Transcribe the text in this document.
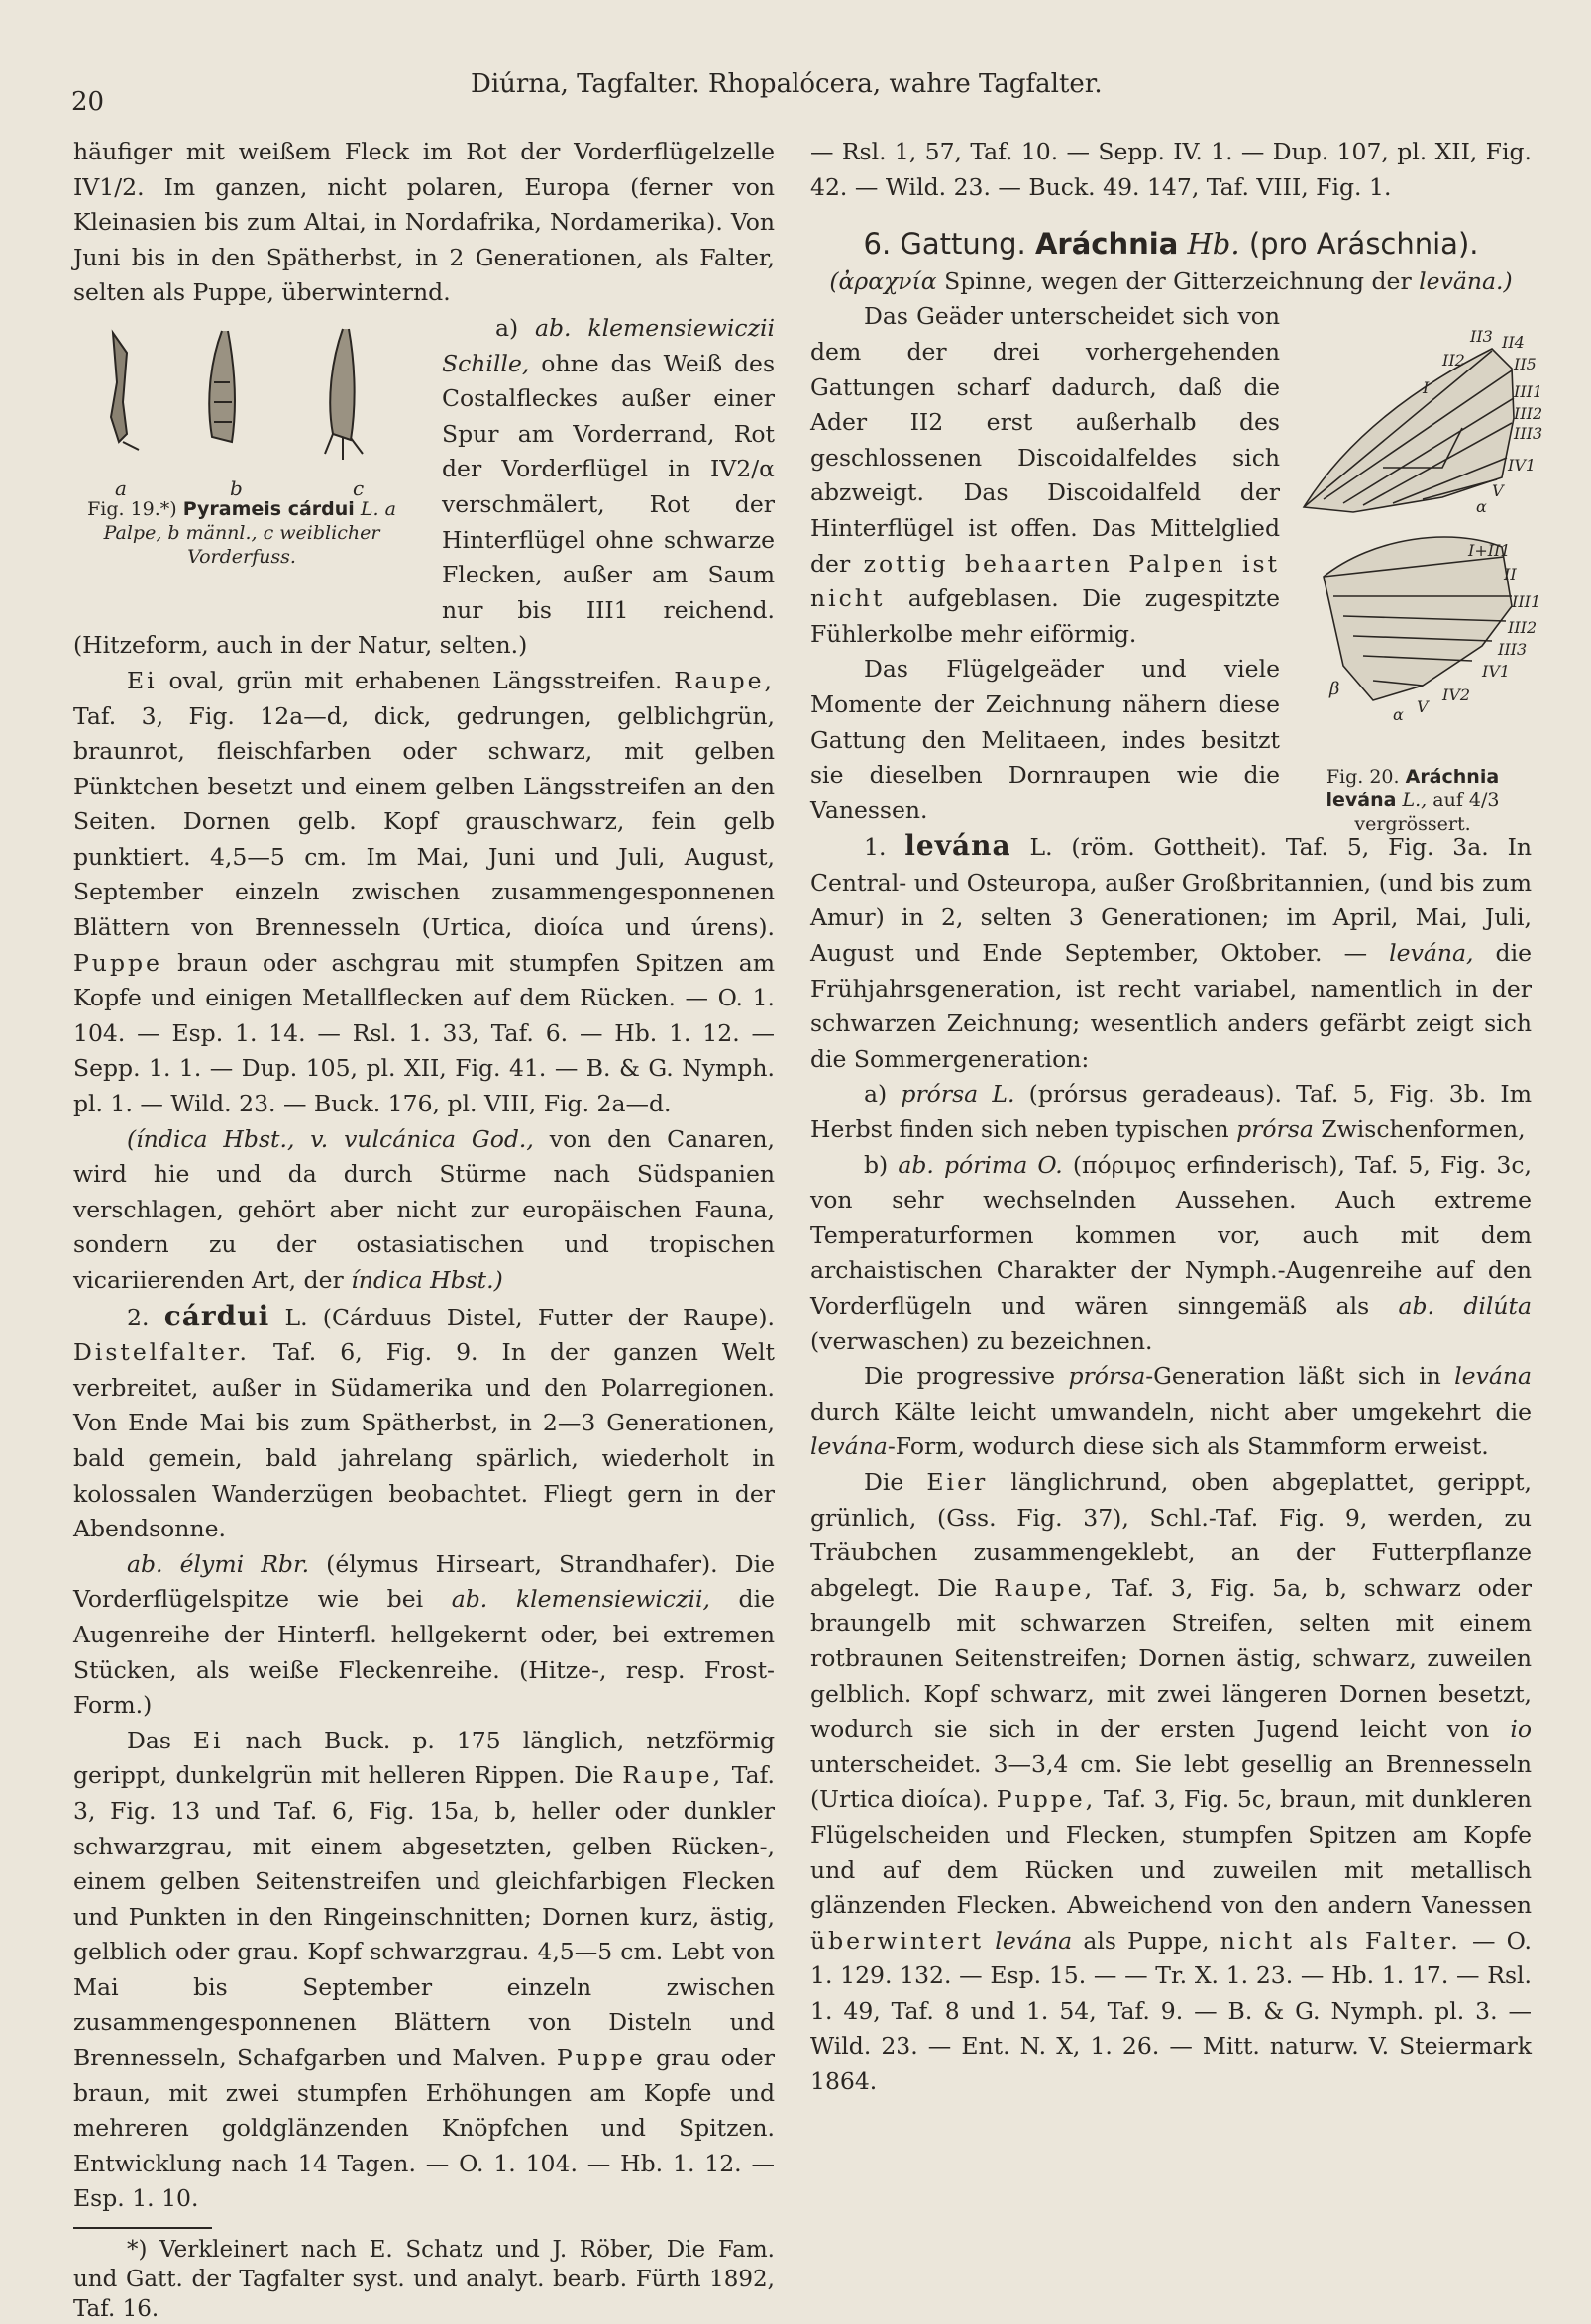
20
Diúrna, Tagfalter. Rhopalócera, wahre Tagfalter.

häufiger mit weißem Fleck im Rot der Vorderflügelzelle IV1/2. Im ganzen, nicht polaren, Europa (ferner von Kleinasien bis zum Altai, in Nordafrika, Nordamerika). Von Juni bis in den Spätherbst, in 2 Generationen, als Falter, selten als Puppe, überwinternd.

a	b	c
Fig. 19.*) Pyrameis cárdui L. a Palpe, b männl., c weiblicher Vorderfuss.

a) ab. klemensiewiczii Schille, ohne das Weiß des Costalfleckes außer einer Spur am Vorderrand, Rot der Vorderflügel in IV2/α verschmälert, Rot der Hinterflügel ohne schwarze Flecken, außer am Saum nur bis III1 reichend. (Hitzeform, auch in der Natur, selten.)

Ei oval, grün mit erhabenen Längsstreifen. Raupe, Taf. 3, Fig. 12a—d, dick, gedrungen, gelblichgrün, braunrot, fleischfarben oder schwarz, mit gelben Pünktchen besetzt und einem gelben Längsstreifen an den Seiten. Dornen gelb. Kopf grauschwarz, fein gelb punktiert. 4,5—5 cm. Im Mai, Juni und Juli, August, September einzeln zwischen zusammengesponnenen Blättern von Brennesseln (Urtica, dioíca und úrens). Puppe braun oder aschgrau mit stumpfen Spitzen am Kopfe und einigen Metallflecken auf dem Rücken. — O. 1. 104. — Esp. 1. 14. — Rsl. 1. 33, Taf. 6. — Hb. 1. 12. — Sepp. 1. 1. — Dup. 105, pl. XII, Fig. 41. — B. & G. Nymph. pl. 1. — Wild. 23. — Buck. 176, pl. VIII, Fig. 2a—d.

(índica Hbst., v. vulcánica God., von den Canaren, wird hie und da durch Stürme nach Südspanien verschlagen, gehört aber nicht zur europäischen Fauna, sondern zu der ostasiatischen und tropischen vicariierenden Art, der índica Hbst.)

2. cárdui L. (Cárduus Distel, Futter der Raupe). Distelfalter. Taf. 6, Fig. 9. In der ganzen Welt verbreitet, außer in Südamerika und den Polarregionen. Von Ende Mai bis zum Spätherbst, in 2—3 Generationen, bald gemein, bald jahrelang spärlich, wiederholt in kolossalen Wanderzügen beobachtet. Fliegt gern in der Abendsonne.

ab. élymi Rbr. (élymus Hirseart, Strandhafer). Die Vorderflügelspitze wie bei ab. klemensiewiczii, die Augenreihe der Hinterfl. hellgekernt oder, bei extremen Stücken, als weiße Fleckenreihe. (Hitze-, resp. Frost-Form.)

Das Ei nach Buck. p. 175 länglich, netzförmig gerippt, dunkelgrün mit helleren Rippen. Die Raupe, Taf. 3, Fig. 13 und Taf. 6, Fig. 15a, b, heller oder dunkler schwarzgrau, mit einem abgesetzten, gelben Rücken-, einem gelben Seitenstreifen und gleichfarbigen Flecken und Punkten in den Ringeinschnitten; Dornen kurz, ästig, gelblich oder grau. Kopf schwarzgrau. 4,5—5 cm. Lebt von Mai bis September einzeln zwischen zusammengesponnenen Blättern von Disteln und Brennesseln, Schafgarben und Malven. Puppe grau oder braun, mit zwei stumpfen Erhöhungen am Kopfe und mehreren goldglänzenden Knöpfchen und Spitzen. Entwicklung nach 14 Tagen. — O. 1. 104. — Hb. 1. 12. — Esp. 1. 10.

*) Verkleinert nach E. Schatz und J. Röber, Die Fam. und Gatt. der Tagfalter syst. und analyt. bearb. Fürth 1892, Taf. 16.

— Rsl. 1, 57, Taf. 10. — Sepp. IV. 1. — Dup. 107, pl. XII, Fig. 42. — Wild. 23. — Buck. 49. 147, Taf. VIII, Fig. 1.

6. Gattung. Aráchnia Hb. (pro Aráschnia).

(ἀραχνία Spinne, wegen der Gitterzeichnung der leväna.)

II3 II4
II2	II5
I	III1
III2
III3
IV1
V
α
I+II1
II
III1
III2
III3
IV1
IV2
V
α
β
Fig. 20. Aráchnia levána L., auf 4/3 vergrössert.

Das Geäder unterscheidet sich von dem der drei vorhergehenden Gattungen scharf dadurch, daß die Ader II2 erst außerhalb des geschlossenen Discoidalfeldes sich abzweigt. Das Discoidalfeld der Hinterflügel ist offen. Das Mittelglied der zottig behaarten Palpen ist nicht aufgeblasen. Die zugespitzte Fühlerkolbe mehr eiförmig.

Das Flügelgeäder und viele Momente der Zeichnung nähern diese Gattung den Melitaeen, indes besitzt sie dieselben Dornraupen wie die Vanessen.

1. levána L. (röm. Gottheit). Taf. 5, Fig. 3a. In Central- und Osteuropa, außer Großbritannien, (und bis zum Amur) in 2, selten 3 Generationen; im April, Mai, Juli, August und Ende September, Oktober. — levána, die Frühjahrsgeneration, ist recht variabel, namentlich in der schwarzen Zeichnung; wesentlich anders gefärbt zeigt sich die Sommergeneration:

a) prórsa L. (prórsus geradeaus). Taf. 5, Fig. 3b. Im Herbst finden sich neben typischen prórsa Zwischenformen,

b) ab. pórima O. (πόριμος erfinderisch), Taf. 5, Fig. 3c, von sehr wechselnden Aussehen. Auch extreme Temperaturformen kommen vor, auch mit dem archaistischen Charakter der Nymph.-Augenreihe auf den Vorderflügeln und wären sinngemäß als ab. dilúta (verwaschen) zu bezeichnen.

Die progressive prórsa-Generation läßt sich in levána durch Kälte leicht umwandeln, nicht aber umgekehrt die levána-Form, wodurch diese sich als Stammform erweist.

Die Eier länglichrund, oben abgeplattet, gerippt, grünlich, (Gss. Fig. 37), Schl.-Taf. Fig. 9, werden, zu Träubchen zusammengeklebt, an der Futterpflanze abgelegt. Die Raupe, Taf. 3, Fig. 5a, b, schwarz oder braungelb mit schwarzen Streifen, selten mit einem rotbraunen Seitenstreifen; Dornen ästig, schwarz, zuweilen gelblich. Kopf schwarz, mit zwei längeren Dornen besetzt, wodurch sie sich in der ersten Jugend leicht von io unterscheidet. 3—3,4 cm. Sie lebt gesellig an Brennesseln (Urtica dioíca). Puppe, Taf. 3, Fig. 5c, braun, mit dunkleren Flügelscheiden und Flecken, stumpfen Spitzen am Kopfe und auf dem Rücken und zuweilen mit metallisch glänzenden Flecken. Abweichend von den andern Vanessen überwintert levána als Puppe, nicht als Falter. — O. 1. 129. 132. — Esp. 15. — — Tr. X. 1. 23. — Hb. 1. 17. — Rsl. 1. 49, Taf. 8 und 1. 54, Taf. 9. — B. & G. Nymph. pl. 3. — Wild. 23. — Ent. N. X, 1. 26. — Mitt. naturw. V. Steiermark 1864.
